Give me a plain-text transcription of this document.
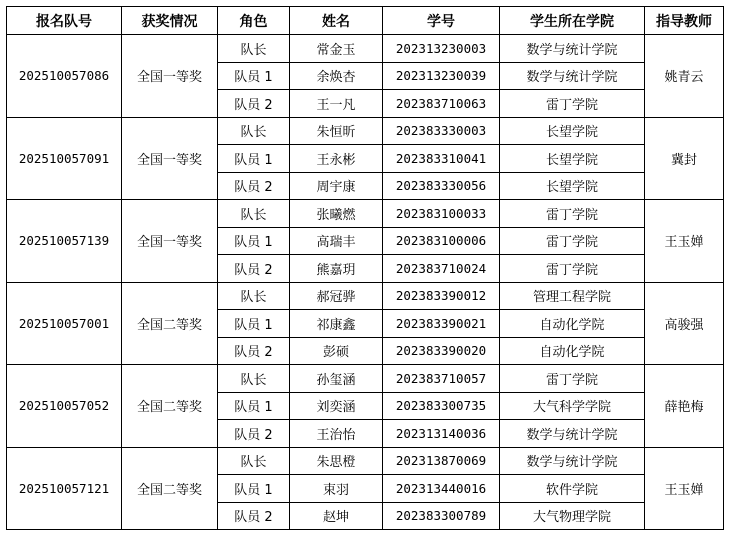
报名队号	获奖情况	角色	姓名	学号	学生所在学院	指导教师
202510057086	全国一等奖	队长	常金玉	202313230003	数学与统计学院	姚青云
		队员 1	余焕杏	202313230039	数学与统计学院	
		队员 2	王一凡	202383710063	雷丁学院	
202510057091	全国一等奖	队长	朱恒昕	202383330003	长望学院	冀封
		队员 1	王永彬	202383310041	长望学院	
		队员 2	周宇康	202383330056	长望学院	
202510057139	全国一等奖	队长	张曦燃	202383100033	雷丁学院	王玉婵
		队员 1	高瑞丰	202383100006	雷丁学院	
		队员 2	熊嘉玥	202383710024	雷丁学院	
202510057001	全国二等奖	队长	郝冠骅	202383390012	管理工程学院	高骏强
		队员 1	祁康鑫	202383390021	自动化学院	
		队员 2	彭硕	202383390020	自动化学院	
202510057052	全国二等奖	队长	孙玺涵	202383710057	雷丁学院	薛艳梅
		队员 1	刘奕涵	202383300735	大气科学学院	
		队员 2	王治怡	202313140036	数学与统计学院	
202510057121	全国二等奖	队长	朱思橙	202313870069	数学与统计学院	王玉婵
		队员 1	束羽	202313440016	软件学院	
		队员 2	赵坤	202383300789	大气物理学院	
